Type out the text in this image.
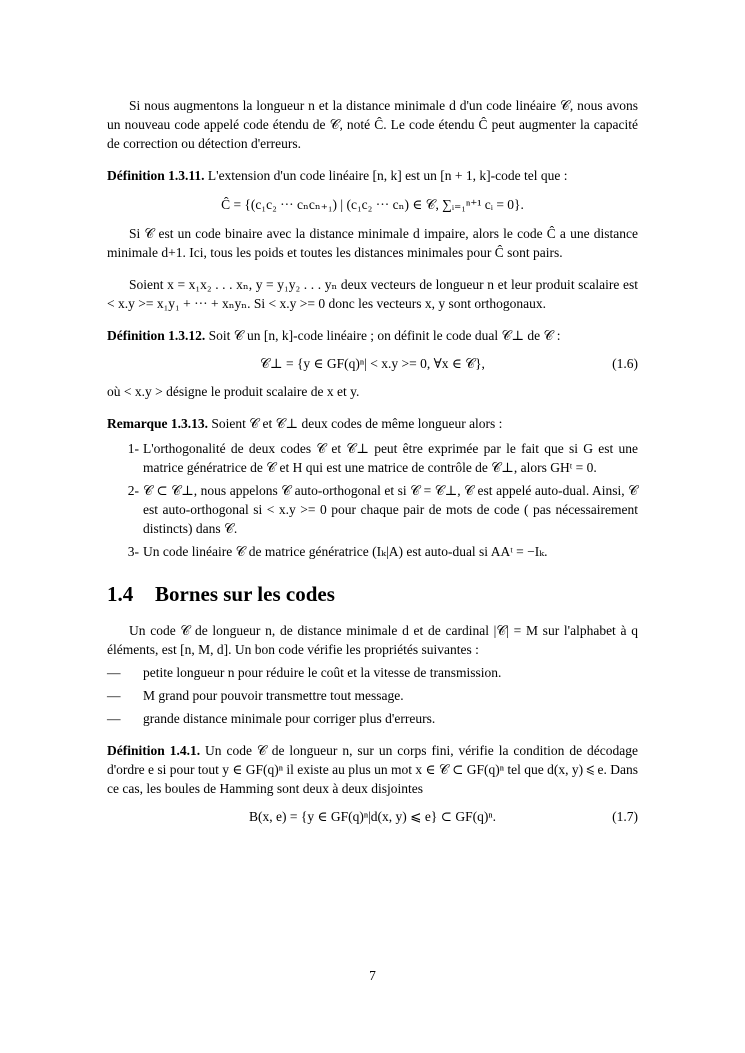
Si nous augmentons la longueur n et la distance minimale d d'un code linéaire 𝒞, nous avons un nouveau code appelé code étendu de 𝒞, noté Ĉ. Le code étendu Ĉ peut augmenter la capacité de correction ou détection d'erreurs.

Définition 1.3.11. L'extension d'un code linéaire [n, k] est un [n + 1, k]-code tel que :

Ĉ = {(c₁c₂ ··· cₙcₙ₊₁) | (c₁c₂ ··· cₙ) ∈ 𝒞, ∑ᵢ₌₁ⁿ⁺¹ cᵢ = 0}.

Si 𝒞 est un code binaire avec la distance minimale d impaire, alors le code Ĉ a une distance minimale d+1. Ici, tous les poids et toutes les distances minimales pour Ĉ sont pairs.

Soient x = x₁x₂ . . . xₙ, y = y₁y₂ . . . yₙ deux vecteurs de longueur n et leur produit scalaire est < x.y >= x₁y₁ + ··· + xₙyₙ. Si < x.y >= 0 donc les vecteurs x, y sont orthogonaux.

Définition 1.3.12. Soit 𝒞 un [n, k]-code linéaire ; on définit le code dual 𝒞⊥ de 𝒞 :

𝒞⊥ = {y ∈ GF(q)ⁿ| < x.y >= 0, ∀x ∈ 𝒞},	(1.6)

où < x.y > désigne le produit scalaire de x et y.

Remarque 1.3.13. Soient 𝒞 et 𝒞⊥ deux codes de même longueur alors :

1- L'orthogonalité de deux codes 𝒞 et 𝒞⊥ peut être exprimée par le fait que si G est une matrice génératrice de 𝒞 et H qui est une matrice de contrôle de 𝒞⊥, alors GHᵗ = 0.
2- 𝒞 ⊂ 𝒞⊥, nous appelons 𝒞 auto-orthogonal et si 𝒞 = 𝒞⊥, 𝒞 est appelé auto-dual. Ainsi, 𝒞 est auto-orthogonal si < x.y >= 0 pour chaque pair de mots de code ( pas nécessairement distincts) dans 𝒞.
3- Un code linéaire 𝒞 de matrice génératrice (Iₖ|A) est auto-dual si AAᵗ = −Iₖ.
1.4 Bornes sur les codes

Un code 𝒞 de longueur n, de distance minimale d et de cardinal |𝒞| = M sur l'alphabet à q éléments, est [n, M, d]. Un bon code vérifie les propriétés suivantes :

—	petite longueur n pour réduire le coût et la vitesse de transmission.
—	M grand pour pouvoir transmettre tout message.
—	grande distance minimale pour corriger plus d'erreurs.

Définition 1.4.1. Un code 𝒞 de longueur n, sur un corps fini, vérifie la condition de décodage d'ordre e si pour tout y ∈ GF(q)ⁿ il existe au plus un mot x ∈ 𝒞 ⊂ GF(q)ⁿ tel que d(x, y) ⩽ e. Dans ce cas, les boules de Hamming sont deux à deux disjointes

B(x, e) = {y ∈ GF(q)ⁿ|d(x, y) ⩽ e} ⊂ GF(q)ⁿ.	(1.7)
7
